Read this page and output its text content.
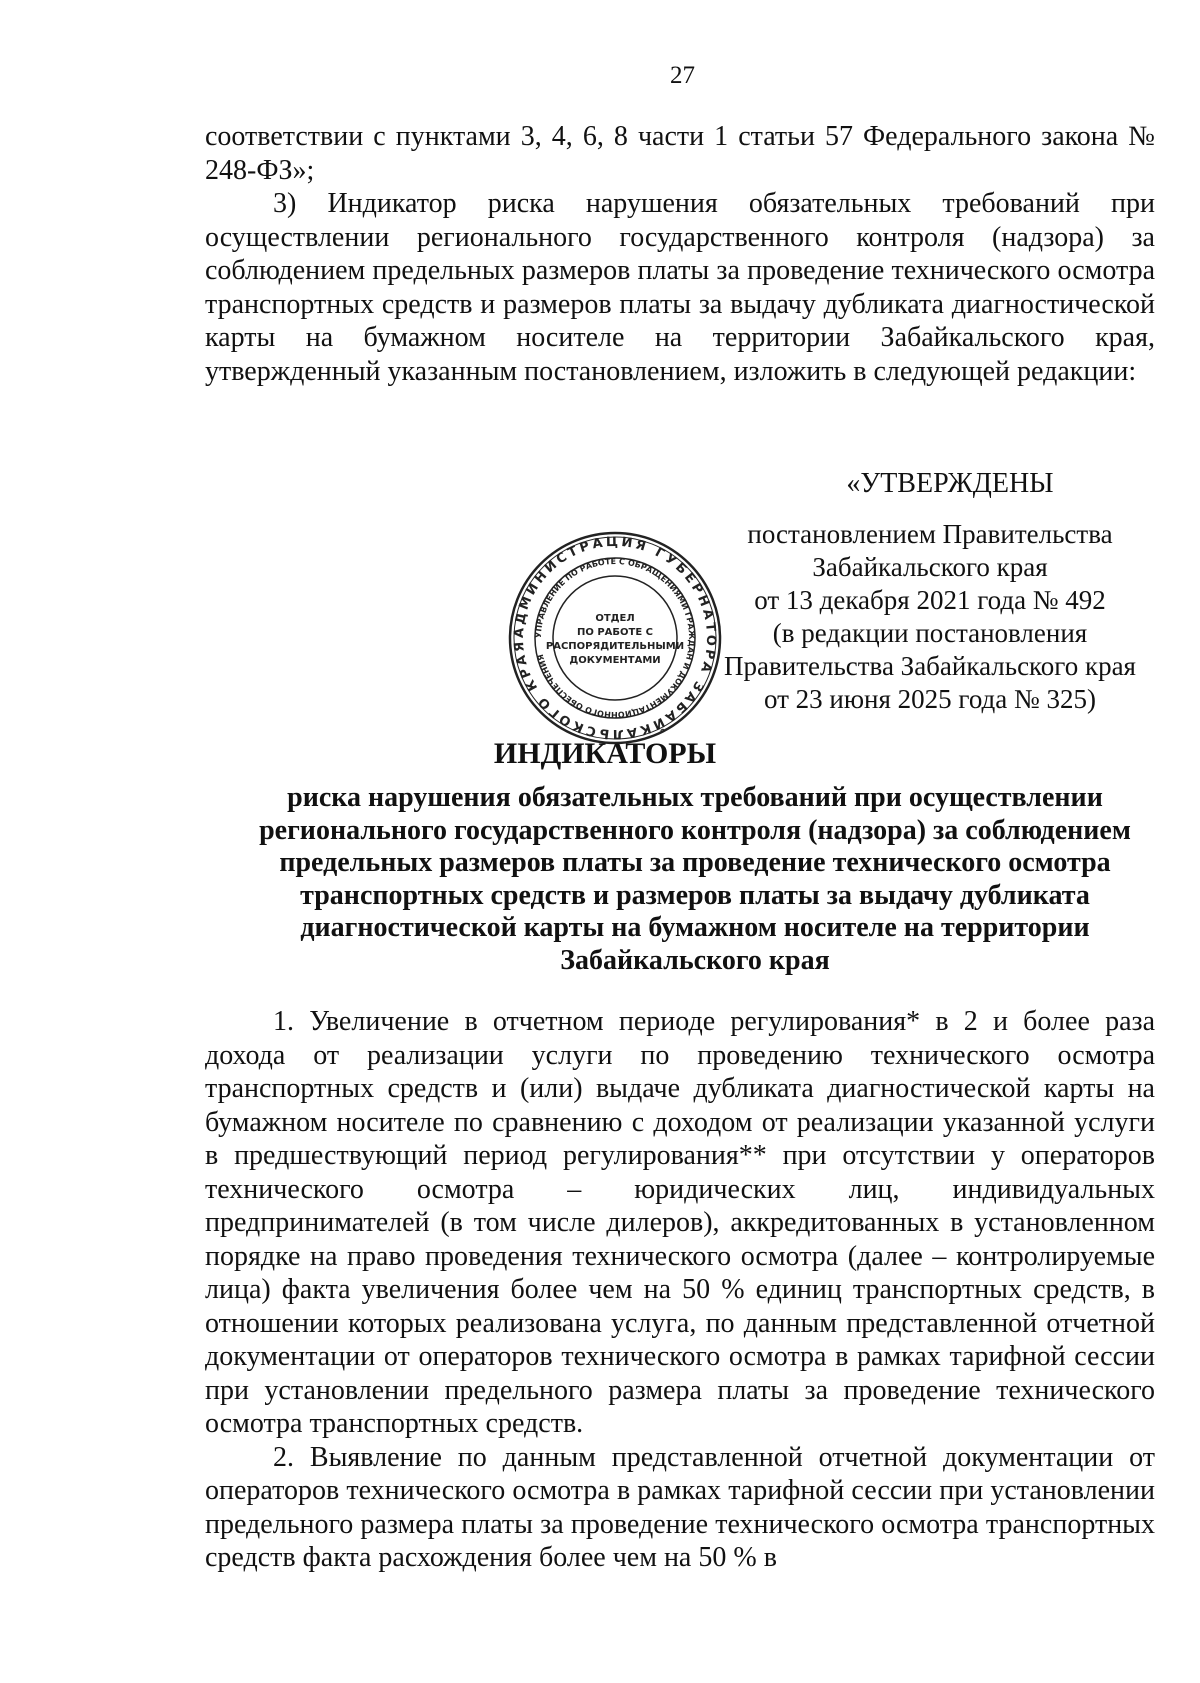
27

соответствии с пунктами 3, 4, 6, 8 части 1 статьи 57 Федерального закона № 248-ФЗ»;

3) Индикатор риска нарушения обязательных требований при осуществлении регионального государственного контроля (надзора) за соблюдением предельных размеров платы за проведение технического осмотра транспортных средств и размеров платы за выдачу дубликата диагностической карты на бумажном носителе на территории Забайкальского края, утвержденный указанным постановлением, изложить в следующей редакции:

«УТВЕРЖДЕНЫ
постановлением Правительства
Забайкальского края
от 13 декабря 2021 года № 492
(в редакции постановления
Правительства Забайкальского края
от 23 июня 2025 года № 325)
АДМИНИСТРАЦИЯ ГУБЕРНАТОРА ЗАБАЙКАЛЬСКОГО КРАЯ
УПРАВЛЕНИЕ ПО РАБОТЕ С ОБРАЩЕНИЯМИ ГРАЖДАН И ДОКУМЕНТАЦИОННОГО ОБЕСПЕЧЕНИЯ
ОТДЕЛ
ПО РАБОТЕ С
РАСПОРЯДИТЕЛЬНЫМИ
ДОКУМЕНТАМИ
ИНДИКАТОРЫ
риска нарушения обязательных требований при осуществлении
регионального государственного контроля (надзора) за соблюдением
предельных размеров платы за проведение технического осмотра
транспортных средств и размеров платы за выдачу дубликата
диагностической карты на бумажном носителе на территории
Забайкальского края

1. Увеличение в отчетном периоде регулирования* в 2 и более раза дохода от реализации услуги по проведению технического осмотра транспортных средств и (или) выдаче дубликата диагностической карты на бумажном носителе по сравнению с доходом от реализации указанной услуги в предшествующий период регулирования** при отсутствии у операторов технического осмотра – юридических лиц, индивидуальных предпринимателей (в том числе дилеров), аккредитованных в установленном порядке на право проведения технического осмотра (далее – контролируемые лица) факта увеличения более чем на 50 % единиц транспортных средств, в отношении которых реализована услуга, по данным представленной отчетной документации от операторов технического осмотра в рамках тарифной сессии при установлении предельного размера платы за проведение технического осмотра транспортных средств.

2. Выявление по данным представленной отчетной документации от операторов технического осмотра в рамках тарифной сессии при установлении предельного размера платы за проведение технического осмотра транспортных средств факта расхождения более чем на 50 % в
